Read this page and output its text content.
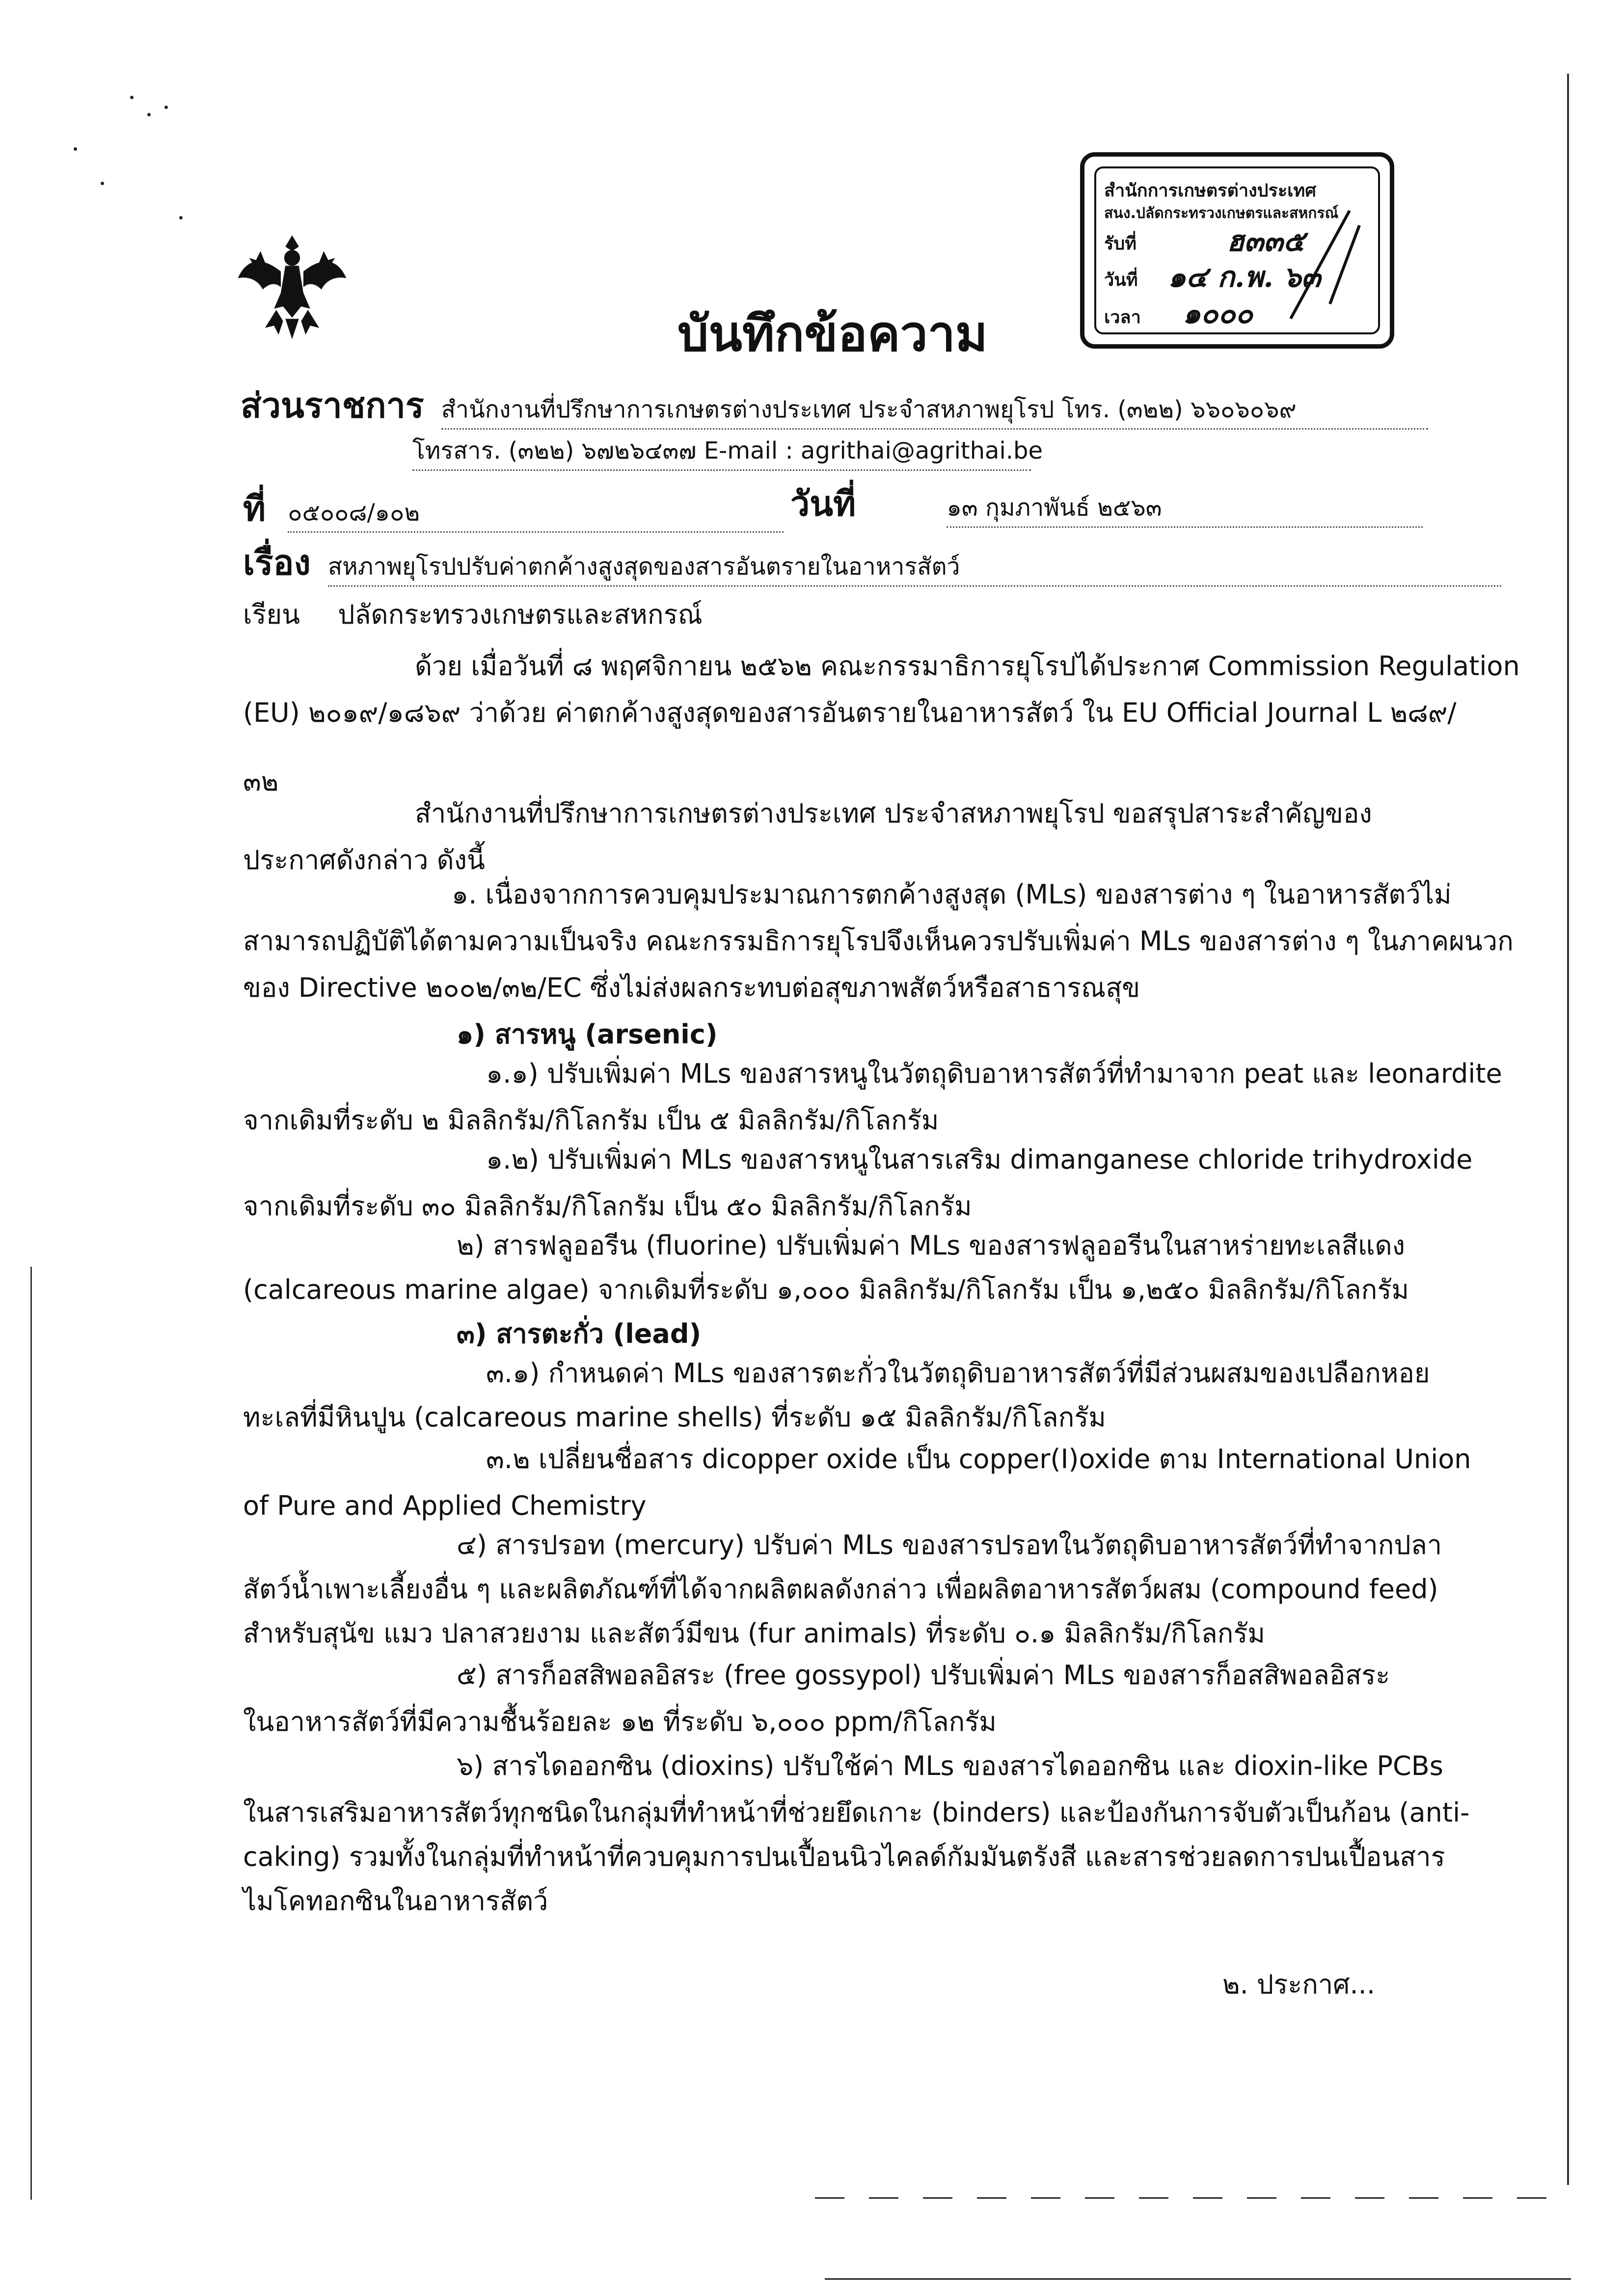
สำนักการเกษตรต่างประเทศ
สนง.ปลัดกระทรวงเกษตรและสหกรณ์
รับที่	ฮ๓๓๕
วันที่ ๑๔ ก.พ. ๖๓
เวลา ๑๐๐๐
บันทึกข้อความ
ส่วนราชการ สำนักงานที่ปรึกษาการเกษตรต่างประเทศ ประจำสหภาพยุโรป โทร. (๓๒๒) ๖๖๐๖๐๖๙
โทรสาร. (๓๒๒) ๖๗๒๖๔๓๗ E-mail : agrithai@agrithai.be
ที่ ๐๕๐๐๘/๑๐๒	วันที่	๑๓ กุมภาพันธ์ ๒๕๖๓
เรื่อง สหภาพยุโรปปรับค่าตกค้างสูงสุดของสารอันตรายในอาหารสัตว์
เรียน ปลัดกระทรวงเกษตรและสหกรณ์
ด้วย เมื่อวันที่ ๘ พฤศจิกายน ๒๕๖๒ คณะกรรมาธิการยุโรปได้ประกาศ Commission Regulation
(EU) ๒๐๑๙/๑๘๖๙ ว่าด้วย ค่าตกค้างสูงสุดของสารอันตรายในอาหารสัตว์ ใน EU Official Journal L ๒๘๙/
๓๒
สำนักงานที่ปรึกษาการเกษตรต่างประเทศ ประจำสหภาพยุโรป ขอสรุปสาระสำคัญของ
ประกาศดังกล่าว ดังนี้
๑. เนื่องจากการควบคุมประมาณการตกค้างสูงสุด (MLs) ของสารต่าง ๆ ในอาหารสัตว์ไม่
สามารถปฏิบัติได้ตามความเป็นจริง คณะกรรมธิการยุโรปจึงเห็นควรปรับเพิ่มค่า MLs ของสารต่าง ๆ ในภาคผนวก
ของ Directive ๒๐๐๒/๓๒/EC ซึ่งไม่ส่งผลกระทบต่อสุขภาพสัตว์หรือสาธารณสุข
๑) สารหนู (arsenic)
๑.๑) ปรับเพิ่มค่า MLs ของสารหนูในวัตถุดิบอาหารสัตว์ที่ทำมาจาก peat และ leonardite
จากเดิมที่ระดับ ๒ มิลลิกรัม/กิโลกรัม เป็น ๕ มิลลิกรัม/กิโลกรัม
๑.๒) ปรับเพิ่มค่า MLs ของสารหนูในสารเสริม dimanganese chloride trihydroxide
จากเดิมที่ระดับ ๓๐ มิลลิกรัม/กิโลกรัม เป็น ๕๐ มิลลิกรัม/กิโลกรัม
๒) สารฟลูออรีน (fluorine) ปรับเพิ่มค่า MLs ของสารฟลูออรีนในสาหร่ายทะเลสีแดง
(calcareous marine algae) จากเดิมที่ระดับ ๑,๐๐๐ มิลลิกรัม/กิโลกรัม เป็น ๑,๒๕๐ มิลลิกรัม/กิโลกรัม
๓) สารตะกั่ว (lead)
๓.๑) กำหนดค่า MLs ของสารตะกั่วในวัตถุดิบอาหารสัตว์ที่มีส่วนผสมของเปลือกหอย
ทะเลที่มีหินปูน (calcareous marine shells) ที่ระดับ ๑๕ มิลลิกรัม/กิโลกรัม
๓.๒ เปลี่ยนชื่อสาร dicopper oxide เป็น copper(I)oxide ตาม International Union
of Pure and Applied Chemistry
๔) สารปรอท (mercury) ปรับค่า MLs ของสารปรอทในวัตถุดิบอาหารสัตว์ที่ทำจากปลา
สัตว์น้ำเพาะเลี้ยงอื่น ๆ และผลิตภัณฑ์ที่ได้จากผลิตผลดังกล่าว เพื่อผลิตอาหารสัตว์ผสม (compound feed)
สำหรับสุนัข แมว ปลาสวยงาม และสัตว์มีขน (fur animals) ที่ระดับ ๐.๑ มิลลิกรัม/กิโลกรัม
๕) สารก็อสสิพอลอิสระ (free gossypol) ปรับเพิ่มค่า MLs ของสารก็อสสิพอลอิสระ
ในอาหารสัตว์ที่มีความชื้นร้อยละ ๑๒ ที่ระดับ ๖,๐๐๐ ppm/กิโลกรัม
๖) สารไดออกซิน (dioxins) ปรับใช้ค่า MLs ของสารไดออกซิน และ dioxin-like PCBs
ในสารเสริมอาหารสัตว์ทุกชนิดในกลุ่มที่ทำหน้าที่ช่วยยึดเกาะ (binders) และป้องกันการจับตัวเป็นก้อน (anti-
caking) รวมทั้งในกลุ่มที่ทำหน้าที่ควบคุมการปนเปื้อนนิวไคลด์กัมมันตรังสี และสารช่วยลดการปนเปื้อนสาร
ไมโคทอกซินในอาหารสัตว์
๒. ประกาศ...
